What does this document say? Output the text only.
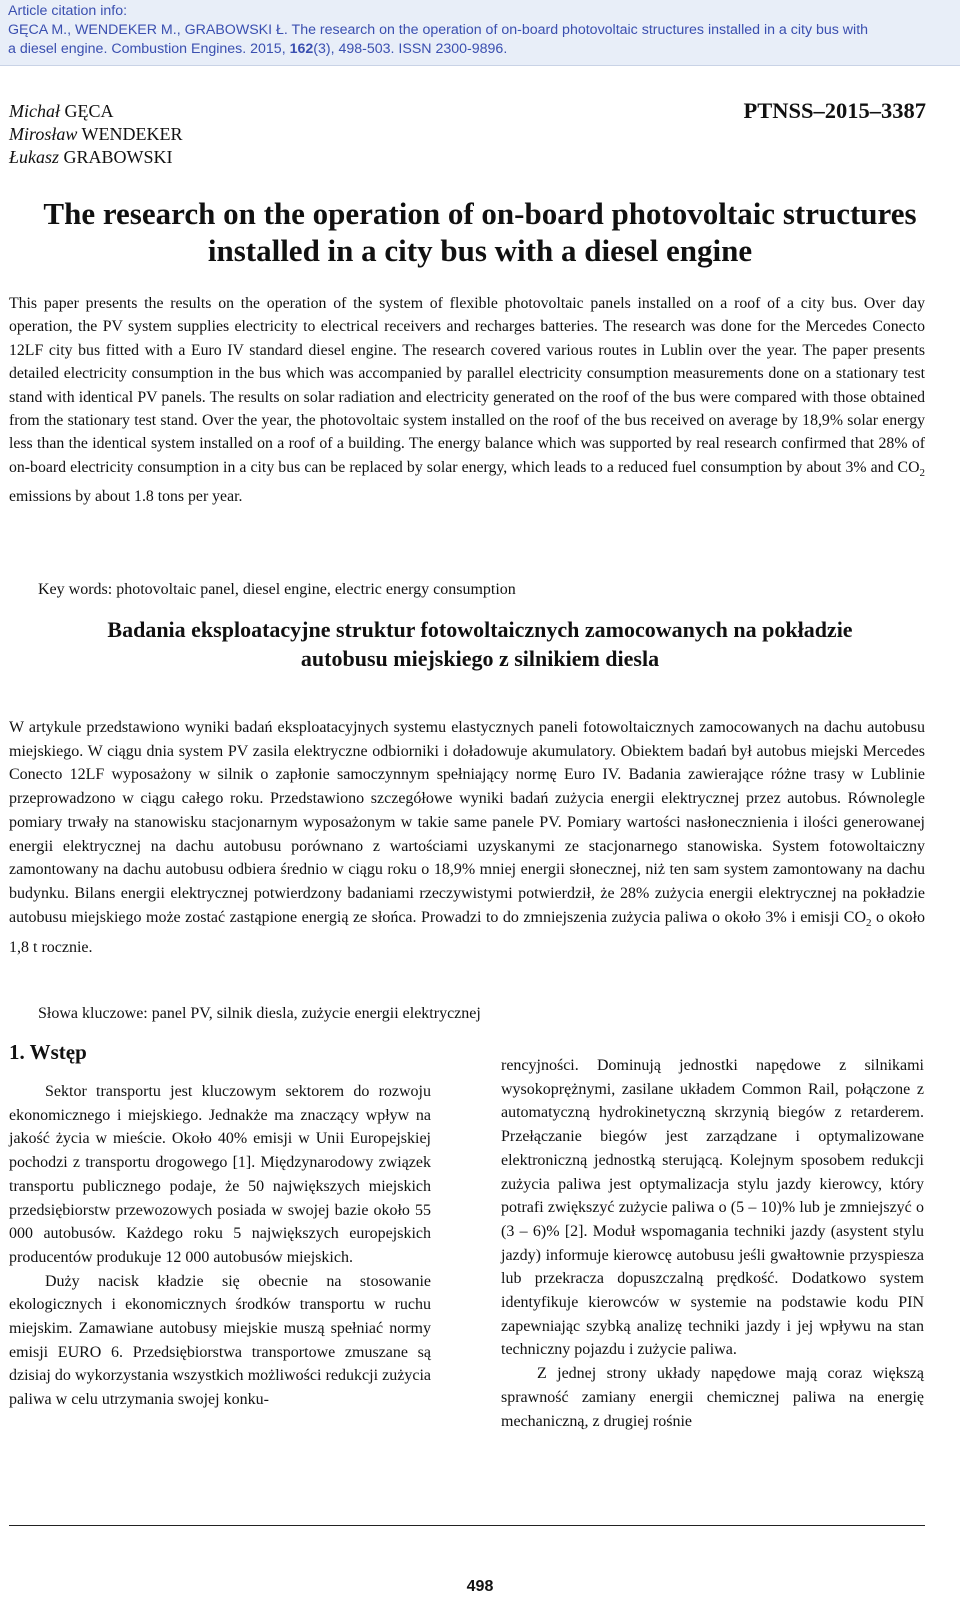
Article citation info:
GĘCA M., WENDEKER M., GRABOWSKI Ł. The research on the operation of on-board photovoltaic structures installed in a city bus with
a diesel engine. Combustion Engines. 2015, 162(3), 498-503. ISSN 2300-9896.
Michał GĘCA
Mirosław WENDEKER
Łukasz GRABOWSKI
PTNSS–2015–3387
The research on the operation of on-board photovoltaic structures
installed in a city bus with a diesel engine
This paper presents the results on the operation of the system of flexible photovoltaic panels installed on a roof of a city bus. Over day operation, the PV system supplies electricity to electrical receivers and recharges batteries. The research was done for the Mercedes Conecto 12LF city bus fitted with a Euro IV standard diesel engine. The research covered various routes in Lublin over the year. The paper presents detailed electricity consumption in the bus which was accompanied by parallel electricity consumption measurements done on a stationary test stand with identical PV panels. The results on solar radiation and electricity generated on the roof of the bus were compared with those obtained from the stationary test stand. Over the year, the photovoltaic system installed on the roof of the bus received on average by 18,9% solar energy less than the identical system installed on a roof of a building. The energy balance which was supported by real research confirmed that 28% of on-board electricity consumption in a city bus can be replaced by solar energy, which leads to a reduced fuel consumption by about 3% and $CO_2$ emissions by about 1.8 tons per year.
Key words: photovoltaic panel, diesel engine, electric energy consumption
Badania eksploatacyjne struktur fotowoltaicznych zamocowanych na pokładzie
autobusu miejskiego z silnikiem diesla
W artykule przedstawiono wyniki badań eksploatacyjnych systemu elastycznych paneli fotowoltaicznych zamocowanych na dachu autobusu miejskiego. W ciągu dnia system PV zasila elektryczne odbiorniki i doładowuje akumulatory. Obiektem badań był autobus miejski Mercedes Conecto 12LF wyposażony w silnik o zapłonie samoczynnym spełniający normę Euro IV. Badania zawierające różne trasy w Lublinie przeprowadzono w ciągu całego roku. Przedstawiono szczegółowe wyniki badań zużycia energii elektrycznej przez autobus. Równolegle pomiary trwały na stanowisku stacjonarnym wyposażonym w takie same panele PV. Pomiary wartości nasłonecznienia i ilości generowanej energii elektrycznej na dachu autobusu porównano z wartościami uzyskanymi ze stacjonarnego stanowiska. System fotowoltaiczny zamontowany na dachu autobusu odbiera średnio w ciągu roku o 18,9% mniej energii słonecznej, niż ten sam system zamontowany na dachu budynku. Bilans energii elektrycznej potwierdzony badaniami rzeczywistymi potwierdził, że 28% zużycia energii elektrycznej na pokładzie autobusu miejskiego może zostać zastąpione energią ze słońca. Prowadzi to do zmniejszenia zużycia paliwa o około 3% i emisji $CO_2$ o około 1,8 t rocznie.
Słowa kluczowe: panel PV, silnik diesla, zużycie energii elektrycznej
1. Wstęp

Sektor transportu jest kluczowym sektorem do rozwoju ekonomicznego i miejskiego. Jednakże ma znaczący wpływ na jakość życia w mieście. Około 40% emisji w Unii Europejskiej pochodzi z transportu drogowego [1]. Międzynarodowy związek transportu publicznego podaje, że 50 największych miejskich przedsiębiorstw przewozowych posiada w swojej bazie około 55 000 autobusów. Każdego roku 5 największych europejskich producentów produkuje 12 000 autobusów miejskich.

Duży nacisk kładzie się obecnie na stosowanie ekologicznych i ekonomicznych środków transportu w ruchu miejskim. Zamawiane autobusy miejskie muszą spełniać normy emisji EURO 6. Przedsiębiorstwa transportowe zmuszane są dzisiaj do wykorzystania wszystkich możliwości redukcji zużycia paliwa w celu utrzymania swojej konku-

rencyjności. Dominują jednostki napędowe z silnikami wysokoprężnymi, zasilane układem Common Rail, połączone z automatyczną hydrokinetyczną skrzynią biegów z retarderem. Przełączanie biegów jest zarządzane i optymalizowane elektroniczną jednostką sterującą. Kolejnym sposobem redukcji zużycia paliwa jest optymalizacja stylu jazdy kierowcy, który potrafi zwiększyć zużycie paliwa o (5 – 10)% lub je zmniejszyć o (3 – 6)% [2]. Moduł wspomagania techniki jazdy (asystent stylu jazdy) informuje kierowcę autobusu jeśli gwałtownie przyspiesza lub przekracza dopuszczalną prędkość. Dodatkowo system identyfikuje kierowców w systemie na podstawie kodu PIN zapewniając szybką analizę techniki jazdy i jej wpływu na stan techniczny pojazdu i zużycie paliwa.

Z jednej strony układy napędowe mają coraz większą sprawność zamiany energii chemicznej paliwa na energię mechaniczną, z drugiej rośnie

498
